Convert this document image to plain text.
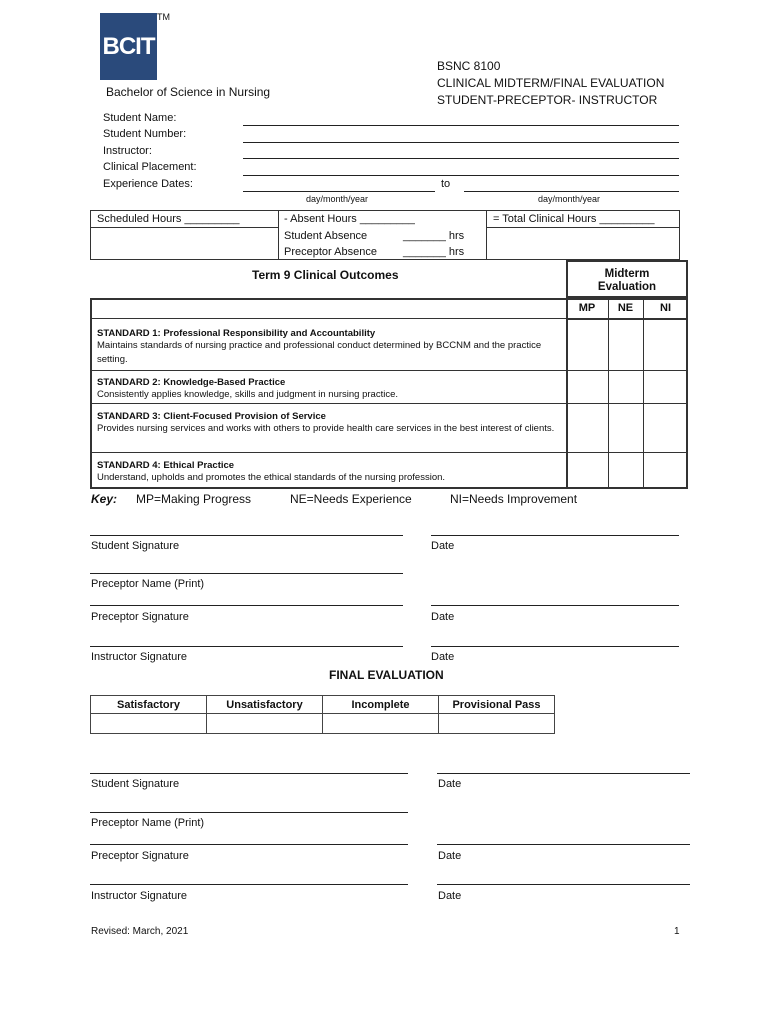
BCIT
TM
Bachelor of Science in Nursing
BSNC 8100
CLINICAL MIDTERM/FINAL EVALUATION
STUDENT-PRECEPTOR- INSTRUCTOR
Student Name:
Student Number:
Instructor:
Clinical Placement:
Experience Dates:	to
day/month/year	day/month/year
Scheduled Hours _________	- Absent Hours _________	= Total Clinical Hours _________
Student Absence	_______ hrs
Preceptor Absence _______ hrs
Term 9 Clinical Outcomes	Midterm Evaluation
MP	NE	NI
STANDARD 1: Professional Responsibility and Accountability
Maintains standards of nursing practice and professional conduct determined by BCCNM and the practice setting.
STANDARD 2: Knowledge-Based Practice
Consistently applies knowledge, skills and judgment in nursing practice.
STANDARD 3: Client-Focused Provision of Service
Provides nursing services and works with others to provide health care services in the best interest of clients.
STANDARD 4: Ethical Practice
Understand, upholds and promotes the ethical standards of the nursing profession.
Key: MP=Making Progress	NE=Needs Experience	NI=Needs Improvement
Student Signature	Date
Preceptor Name (Print)
Preceptor Signature	Date
Instructor Signature	Date
FINAL EVALUATION
Satisfactory	Unsatisfactory	Incomplete	Provisional Pass

Student Signature	Date
Preceptor Name (Print)
Preceptor Signature	Date
Instructor Signature	Date
Revised: March, 2021	1
